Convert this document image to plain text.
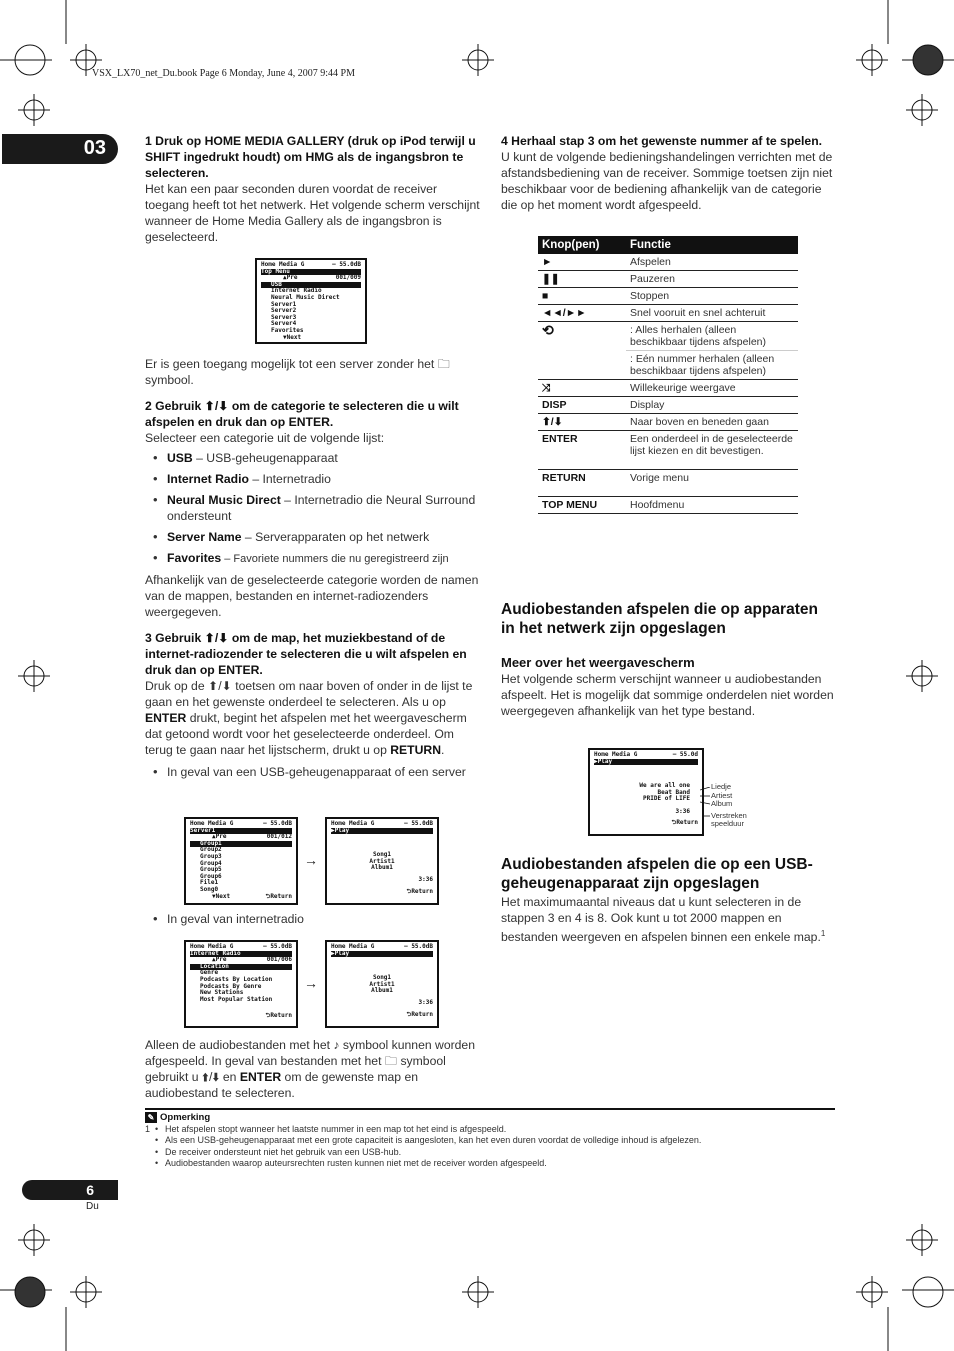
VSX_LX70_net_Du.book Page 6 Monday, June 4, 2007 9:44 PM
03	1 Druk op HOME MEDIA GALLERY (druk op iPod terwijl u SHIFT ingedrukt houdt) om HMG als de ingangsbron te selecteren.

Het kan een paar seconden duren voordat de receiver toegang heeft tot het netwerk. Het volgende scherm verschijnt wanneer de Home Media Gallery als de ingangsbron is geselecteerd.

Home Media G	– 55.0dB
Top Menu
▲Pre	001/009
USB
Internet Radio
Neural Music Direct
Server1
Server2
Server3
Server4
Favorites
▼Next

Er is geen toegang mogelijk tot een server zonder het 🗀 symbool.

2 Gebruik ⬆/⬇ om de categorie te selecteren die u wilt afspelen en druk dan op ENTER.

Selecteer een categorie uit de volgende lijst:

• USB – USB-geheugenapparaat
• Internet Radio – Internetradio
• Neural Music Direct – Internetradio die Neural Surround ondersteunt
• Server Name – Serverapparaten op het netwerk
• Favorites – Favoriete nummers die nu geregistreerd zijn

Afhankelijk van de geselecteerde categorie worden de namen van de mappen, bestanden en internet-radiozenders weergegeven.

3 Gebruik ⬆/⬇ om de map, het muziekbestand of de internet-radiozender te selecteren die u wilt afspelen en druk dan op ENTER.

Druk op de ⬆/⬇ toetsen om naar boven of onder in de lijst te gaan en het gewenste onderdeel te selecteren. Als u op ENTER drukt, begint het afspelen met het weergavescherm dat getoond wordt voor het geselecteerde onderdeel. Om terug te gaan naar het lijstscherm, drukt u op RETURN.

• In geval van een USB-geheugenapparaat of een server
Home Media G	– 55.0dB
Server1
▲Pre	001/012
Group1
Group2
Group3
Group4
Group5
Group6
File1
Song0
▼Next	⮌Return
→
Home Media G	– 55.0dB
▶Play
Song1
Artist1
Album1
3:36
⮌Return
• In geval van internetradio
Home Media G	– 55.0dB
Internet Radio
▲Pre	001/006
Location
Genre
Podcasts By Location
Podcasts By Genre
New Stations
Most Popular Station
⮌Return
→
Home Media G	– 55.0dB
▶Play
Song1
Artist1
Album1
3:36
⮌Return

Alleen de audiobestanden met het ♪ symbool kunnen worden afgespeeld. In geval van bestanden met het 🗀 symbool gebruikt u ⬆/⬇ en ENTER om de gewenste map en audiobestand te selecteren.

4 Herhaal stap 3 om het gewenste nummer af te spelen.

U kunt de volgende bedieningshandelingen verrichten met de afstandsbediening van de receiver. Sommige toetsen zijn niet beschikbaar voor de bediening afhankelijk van de categorie die op het moment wordt afgespeeld.

Knop(pen)	Functie
►	Afspelen
❚❚	Pauzeren
■	Stoppen
◄◄/►►	Snel vooruit en snel achteruit
⟲	: Alles herhalen (alleen beschikbaar tijdens afspelen)
	: Eén nummer herhalen (alleen beschikbaar tijdens afspelen)
⤨	Willekeurige weergave
DISP	Display
⬆/⬇	Naar boven en beneden gaan
ENTER	Een onderdeel in de geselecteerde lijst kiezen en dit bevestigen.
RETURN	Vorige menu
TOP MENU	Hoofdmenu
Audiobestanden afspelen die op apparaten in het netwerk zijn opgeslagen

Meer over het weergavescherm

Het volgende scherm verschijnt wanneer u audiobestanden afspeelt. Het is mogelijk dat sommige onderdelen niet worden weergegeven afhankelijk van het type bestand.

Home Media G	– 55.0d
▶Play
We are all one
Beat Band
PRIDE of LIFE
3:36
⮌Return
Liedje
Artiest
Album
Verstreken speelduur
Audiobestanden afspelen die op een USB-geheugenapparaat zijn opgeslagen

Het maximumaantal niveaus dat u kunt selecteren in de stappen 3 en 4 is 8. Ook kunt u tot 2000 mappen en bestanden weergeven en afspelen binnen een enkele map.$^1$

✎ Opmerking
1 • Het afspelen stopt wanneer het laatste nummer in een map tot het eind is afgespeeld.
• Als een USB-geheugenapparaat met een grote capaciteit is aangesloten, kan het even duren voordat de volledige inhoud is afgelezen.
• De receiver ondersteunt niet het gebruik van een USB-hub.
• Audiobestanden waarop auteursrechten rusten kunnen niet met de receiver worden afgespeeld.
6
Du
